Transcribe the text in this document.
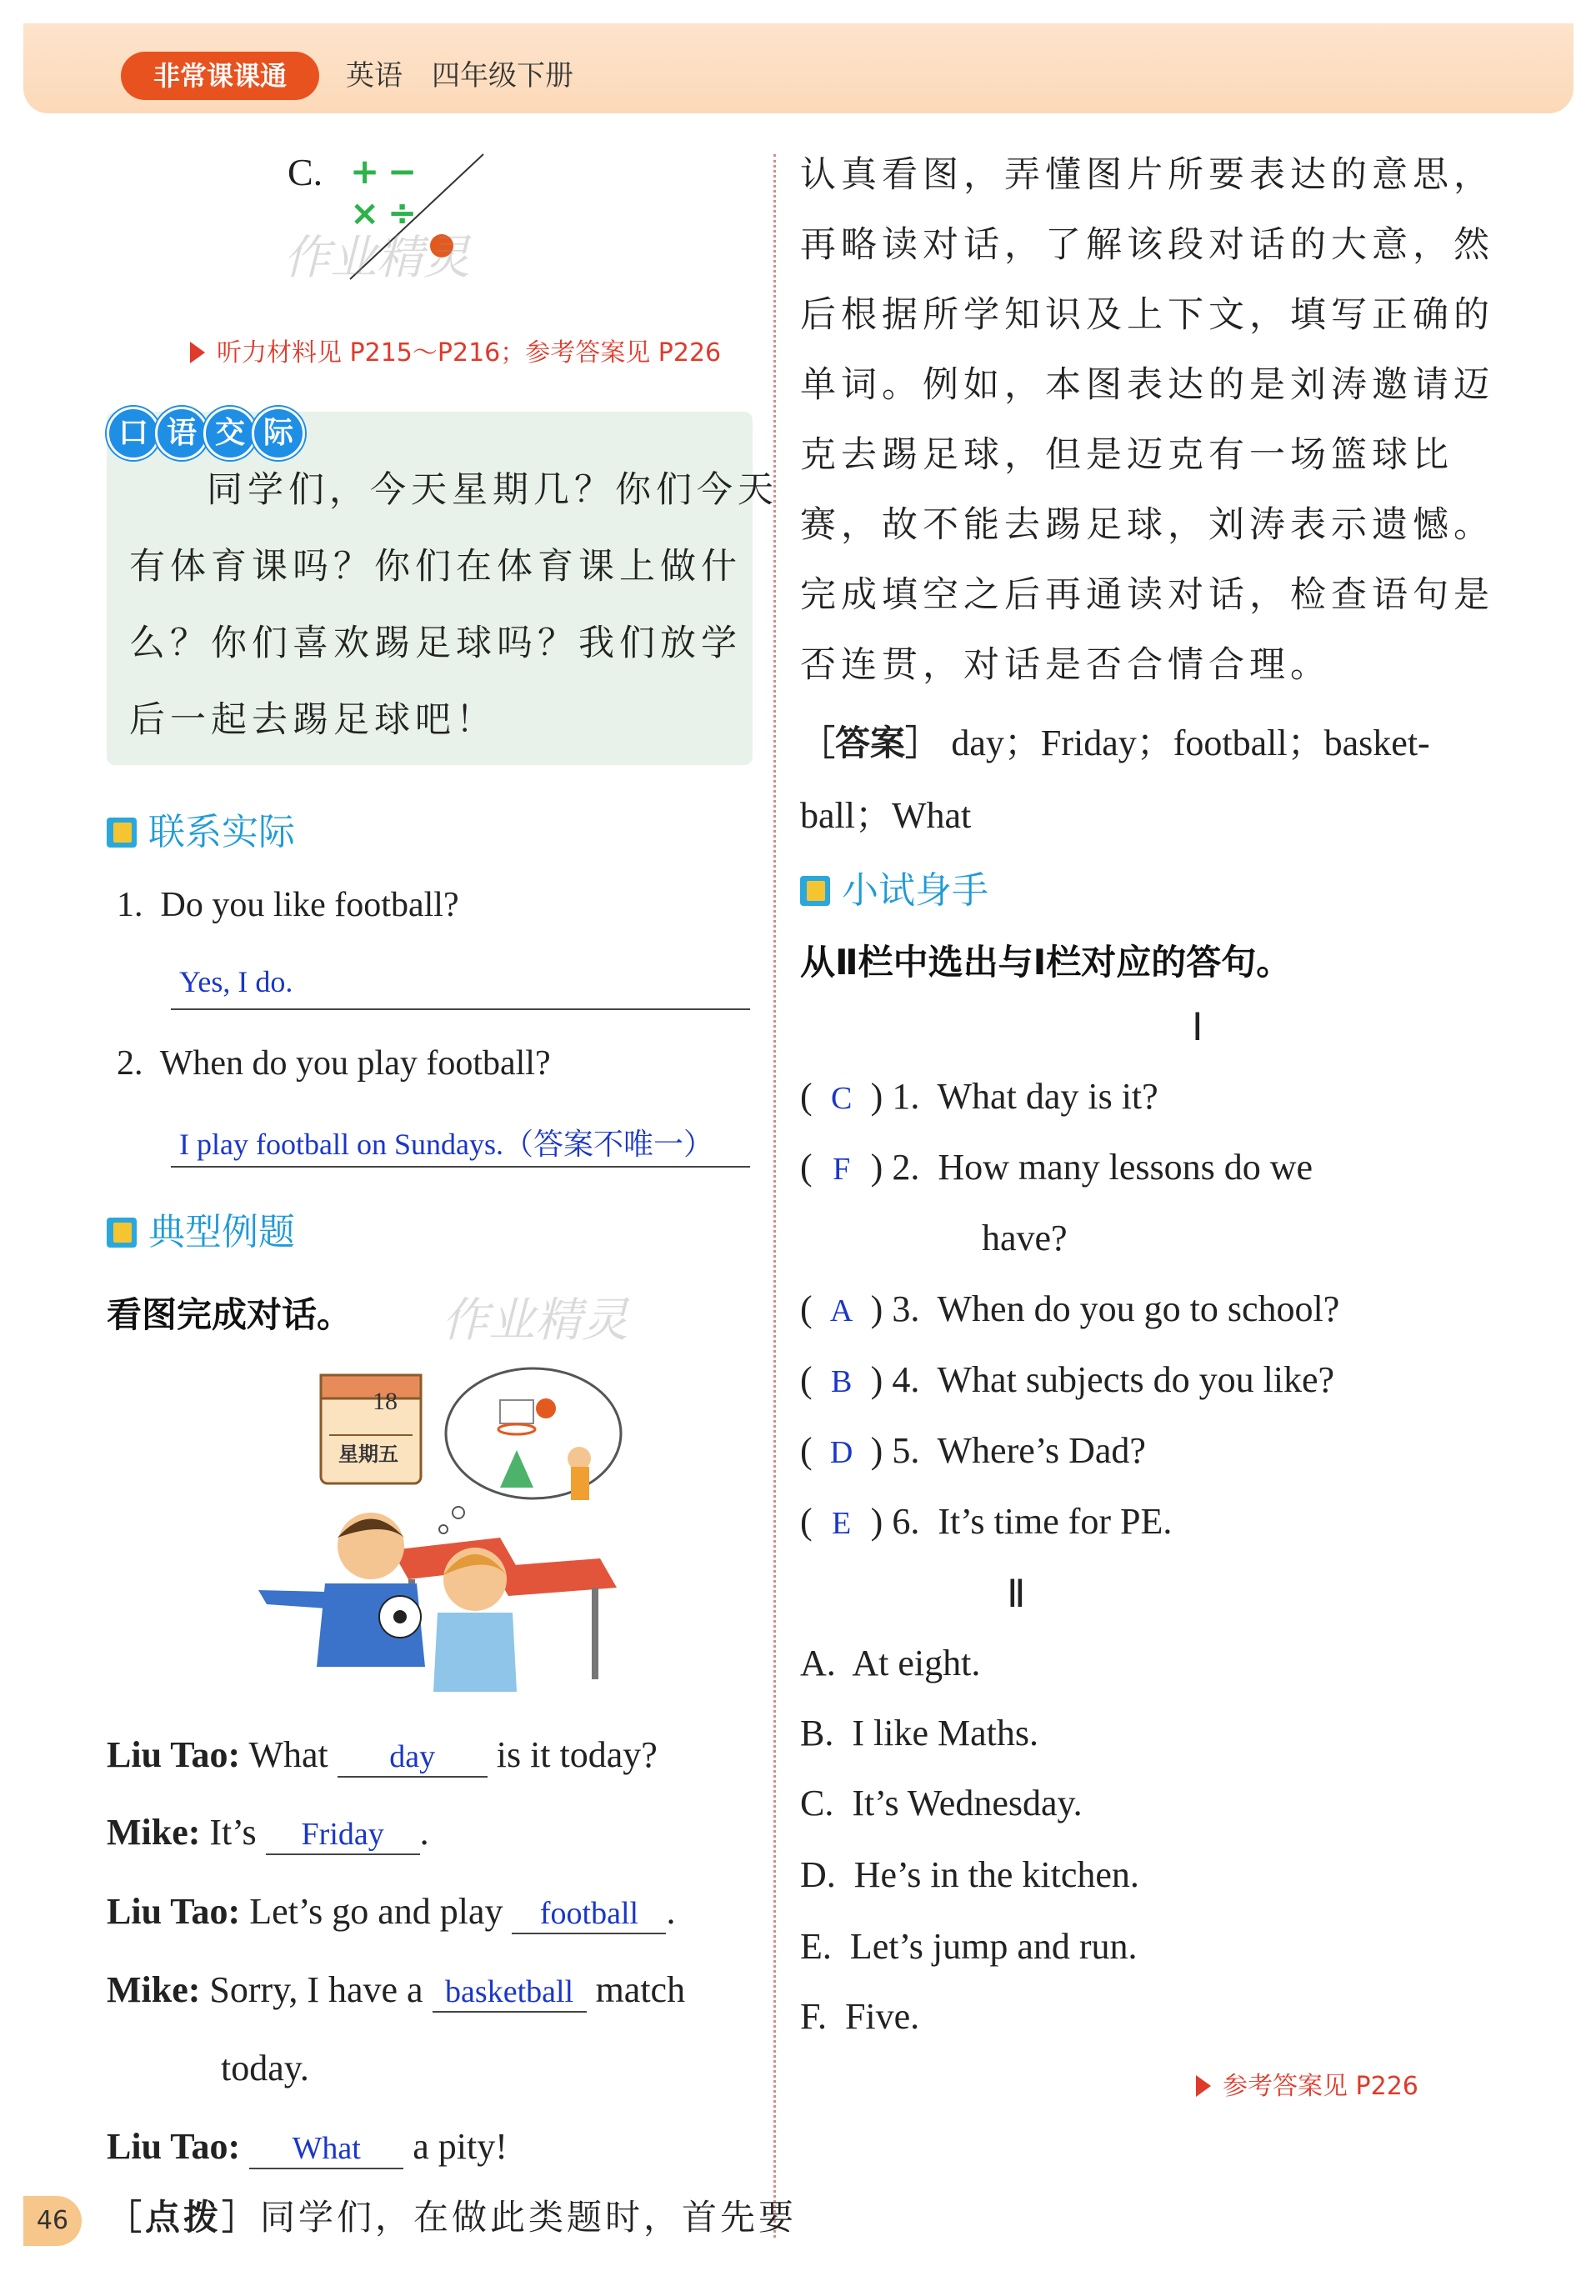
非常课课通	英语 四年级下册
C. + −
× ÷
作业精灵
听力材料见 P215～P216；参考答案见 P226
口 语 交 际
同学们，今天星期几？你们今天
有体育课吗？你们在体育课上做什
么？你们喜欢踢足球吗？我们放学
后一起去踢足球吧！
联系实际
1. Do you like football?
Yes, I do.
2. When do you play football?
I play football on Sundays.（答案不唯一）
典型例题
看图完成对话。 作业精灵
18
星期五
Liu Tao: What day is it today?
Mike: It’s Friday .
Liu Tao: Let’s go and play football .
Mike: Sorry, I have a basketball match
today.
Liu Tao: What a pity!
［点拨］同学们，在做此类题时，首先要
认真看图，弄懂图片所要表达的意思，
再略读对话，了解该段对话的大意，然
后根据所学知识及上下文，填写正确的
单词。例如，本图表达的是刘涛邀请迈
克去踢足球，但是迈克有一场篮球比
赛，故不能去踢足球，刘涛表示遗憾。
完成填空之后再通读对话，检查语句是
否连贯，对话是否合情合理。
［答案］ day；Friday；football；basket-
ball；What
小试身手
从Ⅱ栏中选出与Ⅰ栏对应的答句。
Ⅰ
( C ) 1. What day is it?
( F ) 2. How many lessons do we
have?
( A ) 3. When do you go to school?
( B ) 4. What subjects do you like?
( D ) 5. Where’s Dad?
( E ) 6. It’s time for PE.
Ⅱ
A. At eight.
B. I like Maths.
C. It’s Wednesday.
D. He’s in the kitchen.
E. Let’s jump and run.
F. Five.
参考答案见 P226
46
